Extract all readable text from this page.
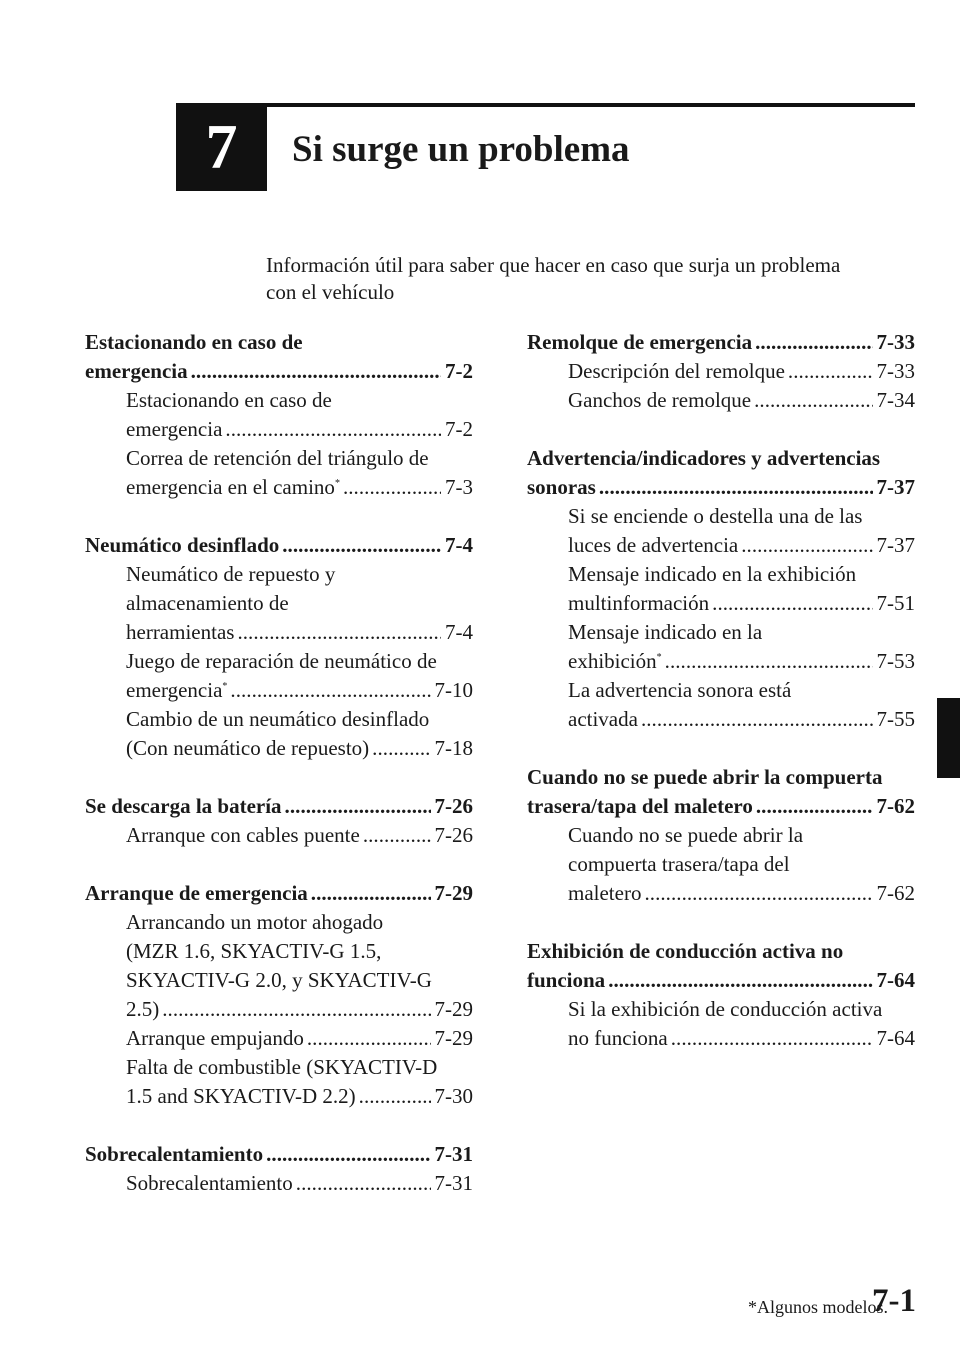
7	Si surge un problema
Información útil para saber que hacer en caso que surja un problema
con el vehículo
Estacionando en caso de
emergencia . . .	7-2
Estacionando en caso de
emergencia . . .	7-2
Correa de retención del triángulo de
emergencia en el camino* . . .	7-3
Neumático desinflado . . .	7-4
Neumático de repuesto y
almacenamiento de
herramientas . . .	7-4
Juego de reparación de neumático de
emergencia* . . .	7-10
Cambio de un neumático desinflado
(Con neumático de repuesto) . . .	7-18
Se descarga la batería . . .	7-26
Arranque con cables puente . . .	7-26
Arranque de emergencia . . .	7-29
Arrancando un motor ahogado
(MZR 1.6, SKYACTIV-G 1.5,
SKYACTIV-G 2.0, y SKYACTIV-G
2.5) . . .	7-29
Arranque empujando . . .	7-29
Falta de combustible (SKYACTIV-D
1.5 and SKYACTIV-D 2.2) . . .	7-30
Sobrecalentamiento . . .	7-31
Sobrecalentamiento . . .	7-31
Remolque de emergencia . . .	7-33
Descripción del remolque . . .	7-33
Ganchos de remolque . . .	7-34
Advertencia/indicadores y advertencias
sonoras . . .	7-37
Si se enciende o destella una de las
luces de advertencia . . .	7-37
Mensaje indicado en la exhibición
multinformación . . .	7-51
Mensaje indicado en la
exhibición* . . .	7-53
La advertencia sonora está
activada . . .	7-55
Cuando no se puede abrir la compuerta
trasera/tapa del maletero . . .	7-62
Cuando no se puede abrir la
compuerta trasera/tapa del
maletero . . .	7-62
Exhibición de conducción activa no
funciona . . .	7-64
Si la exhibición de conducción activa
no funciona . . .	7-64
*Algunos modelos.
7-1
